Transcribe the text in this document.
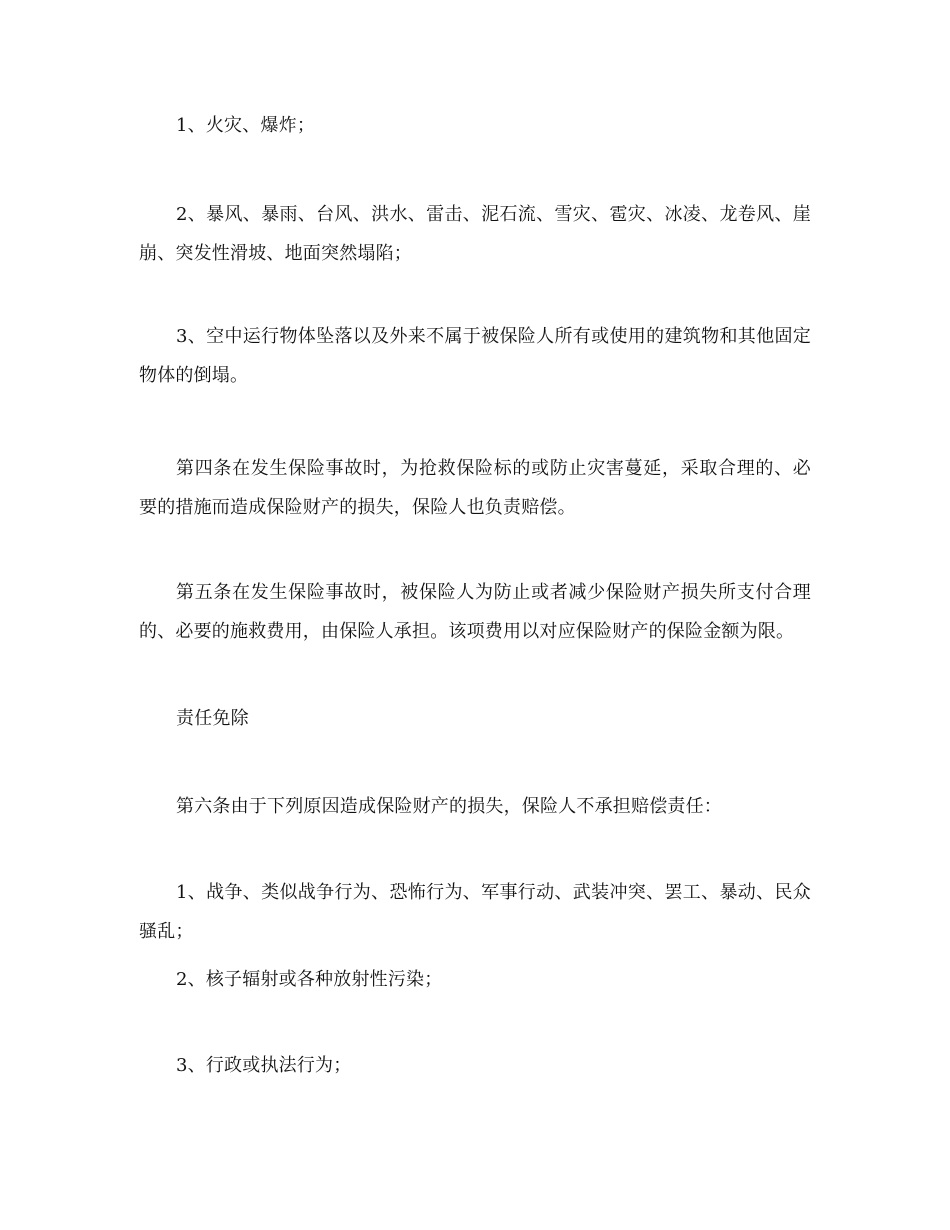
1、火灾、爆炸；

2、暴风、暴雨、台风、洪水、雷击、泥石流、雪灾、雹灾、冰凌、龙卷风、崖崩、突发性滑坡、地面突然塌陷；

3、空中运行物体坠落以及外来不属于被保险人所有或使用的建筑物和其他固定物体的倒塌。

第四条在发生保险事故时，为抢救保险标的或防止灾害蔓延，采取合理的、必要的措施而造成保险财产的损失，保险人也负责赔偿。

第五条在发生保险事故时，被保险人为防止或者减少保险财产损失所支付合理的、必要的施救费用，由保险人承担。该项费用以对应保险财产的保险金额为限。

责任免除

第六条由于下列原因造成保险财产的损失，保险人不承担赔偿责任：

1、战争、类似战争行为、恐怖行为、军事行动、武装冲突、罢工、暴动、民众骚乱；

2、核子辐射或各种放射性污染；

3、行政或执法行为；
